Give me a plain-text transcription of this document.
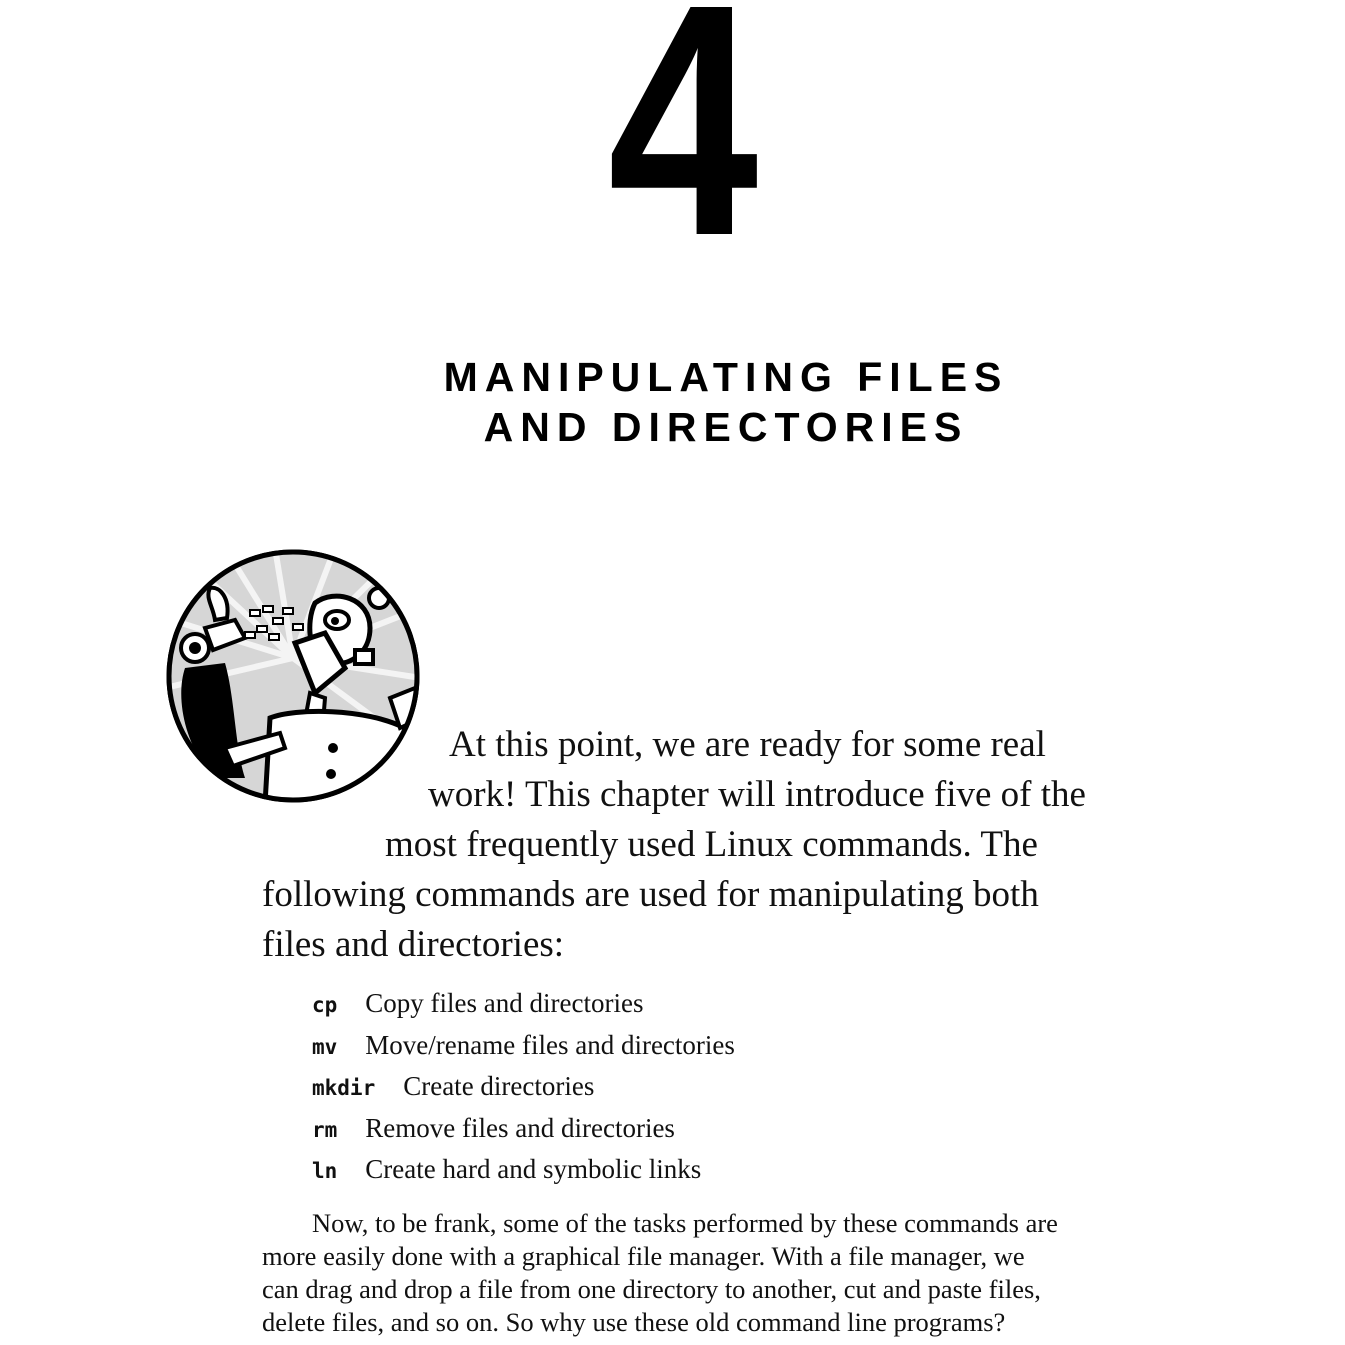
4
MANIPULATING FILES
AND DIRECTORIES
At this point, we are ready for some real
work! This chapter will introduce five of the
most frequently used Linux commands. The
following commands are used for manipulating both
files and directories:
cp Copy files and directories
mv Move/rename files and directories
mkdir Create directories
rm Remove files and directories
ln Create hard and symbolic links
Now, to be frank, some of the tasks performed by these commands are
more easily done with a graphical file manager. With a file manager, we
can drag and drop a file from one directory to another, cut and paste files,
delete files, and so on. So why use these old command line programs?
